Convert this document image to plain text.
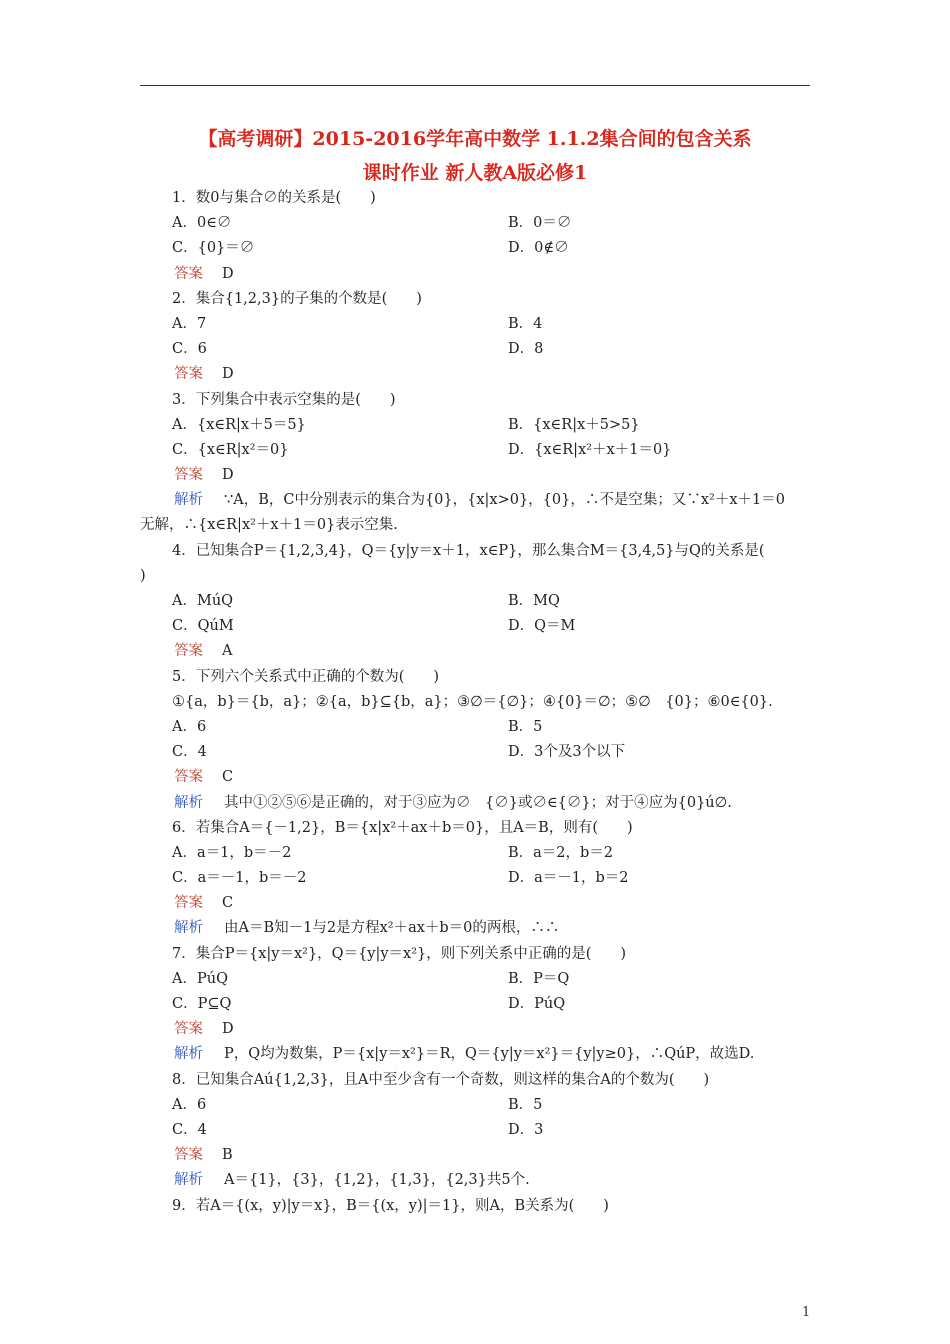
【高考调研】2015-2016学年高中数学 1.1.2集合间的包含关系
课时作业 新人教A版必修1
1．数0与集合∅的关系是(　　)
A．0∈∅	B．0＝∅
C．{0}＝∅	D．0∉∅
答案 D
2．集合{1,2,3}的子集的个数是(　　)
A．7	B．4
C．6	D．8
答案 D
3．下列集合中表示空集的是(　　)
A．{x∈R|x＋5＝5}	B．{x∈R|x＋5>5}
C．{x∈R|x²＝0}	D．{x∈R|x²＋x＋1＝0}
答案 D
解析 ∵A，B，C中分别表示的集合为{0}，{x|x>0}，{0}，∴不是空集；又∵x²＋x＋1＝0
无解，∴{x∈R|x²＋x＋1＝0}表示空集.
4．已知集合P＝{1,2,3,4}，Q＝{y|y＝x＋1，x∈P}，那么集合M＝{3,4,5}与Q的关系是(
)
A．MúQ	B．MQ
C．QúM	D．Q＝M
答案 A
5．下列六个关系式中正确的个数为(　　)
①{a，b}＝{b，a}；②{a，b}⊆{b，a}；③∅＝{∅}；④{0}＝∅；⑤∅　{0}；⑥0∈{0}.
A．6	B．5
C．4	D．3个及3个以下
答案 C
解析 其中①②⑤⑥是正确的，对于③应为∅　{∅}或∅∈{∅}；对于④应为{0}ú∅.
6．若集合A＝{－1,2}，B＝{x|x²＋ax＋b＝0}，且A＝B，则有(　　)
A．a＝1，b＝－2	B．a＝2，b＝2
C．a＝－1，b＝－2	D．a＝－1，b＝2
答案 C
解析 由A＝B知－1与2是方程x²＋ax＋b＝0的两根，∴∴
7．集合P＝{x|y＝x²}，Q＝{y|y＝x²}，则下列关系中正确的是(　　)
A．PúQ	B．P＝Q
C．P⊆Q	D．PúQ
答案 D
解析 P，Q均为数集，P＝{x|y＝x²}＝R，Q＝{y|y＝x²}＝{y|y≥0}，∴QúP，故选D.
8．已知集合Aú{1,2,3}，且A中至少含有一个奇数，则这样的集合A的个数为(　　)
A．6	B．5
C．4	D．3
答案 B
解析 A＝{1}，{3}，{1,2}，{1,3}，{2,3}共5个.
9．若A＝{(x，y)|y＝x}，B＝{(x，y)|＝1}，则A，B关系为(　　)
1
